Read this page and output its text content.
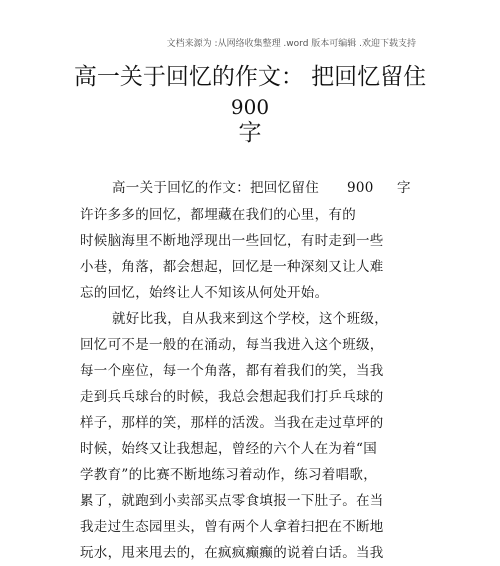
文档来源为 :从网络收集整理 .word 版本可编辑 .欢迎下载支持
高一关于回忆的作文： 把回忆留住
900
字
高一关于回忆的作文：把回忆留住 900 字
许许多多的回忆，都埋藏在我们的心里，有的
时候脑海里不断地浮现出一些回忆，有时走到一些
小巷，角落，都会想起，回忆是一种深刻又让人难
忘的回忆，始终让人不知该从何处开始。
就好比我，自从我来到这个学校，这个班级，
回忆可不是一般的在涌动，每当我进入这个班级，
每一个座位，每一个角落，都有着我们的笑，当我
走到兵乓球台的时候，我总会想起我们打乒乓球的
样子，那样的笑，那样的活泼。当我在走过草坪的
时候，始终又让我想起，曾经的六个人在为着“国
学教育”的比赛不断地练习着动作，练习着唱歌，
累了，就跑到小卖部买点零食填报一下肚子。在当
我走过生态园里头，曾有两个人拿着扫把在不断地
玩水，甩来甩去的，在疯疯癫癫的说着白话。当我
